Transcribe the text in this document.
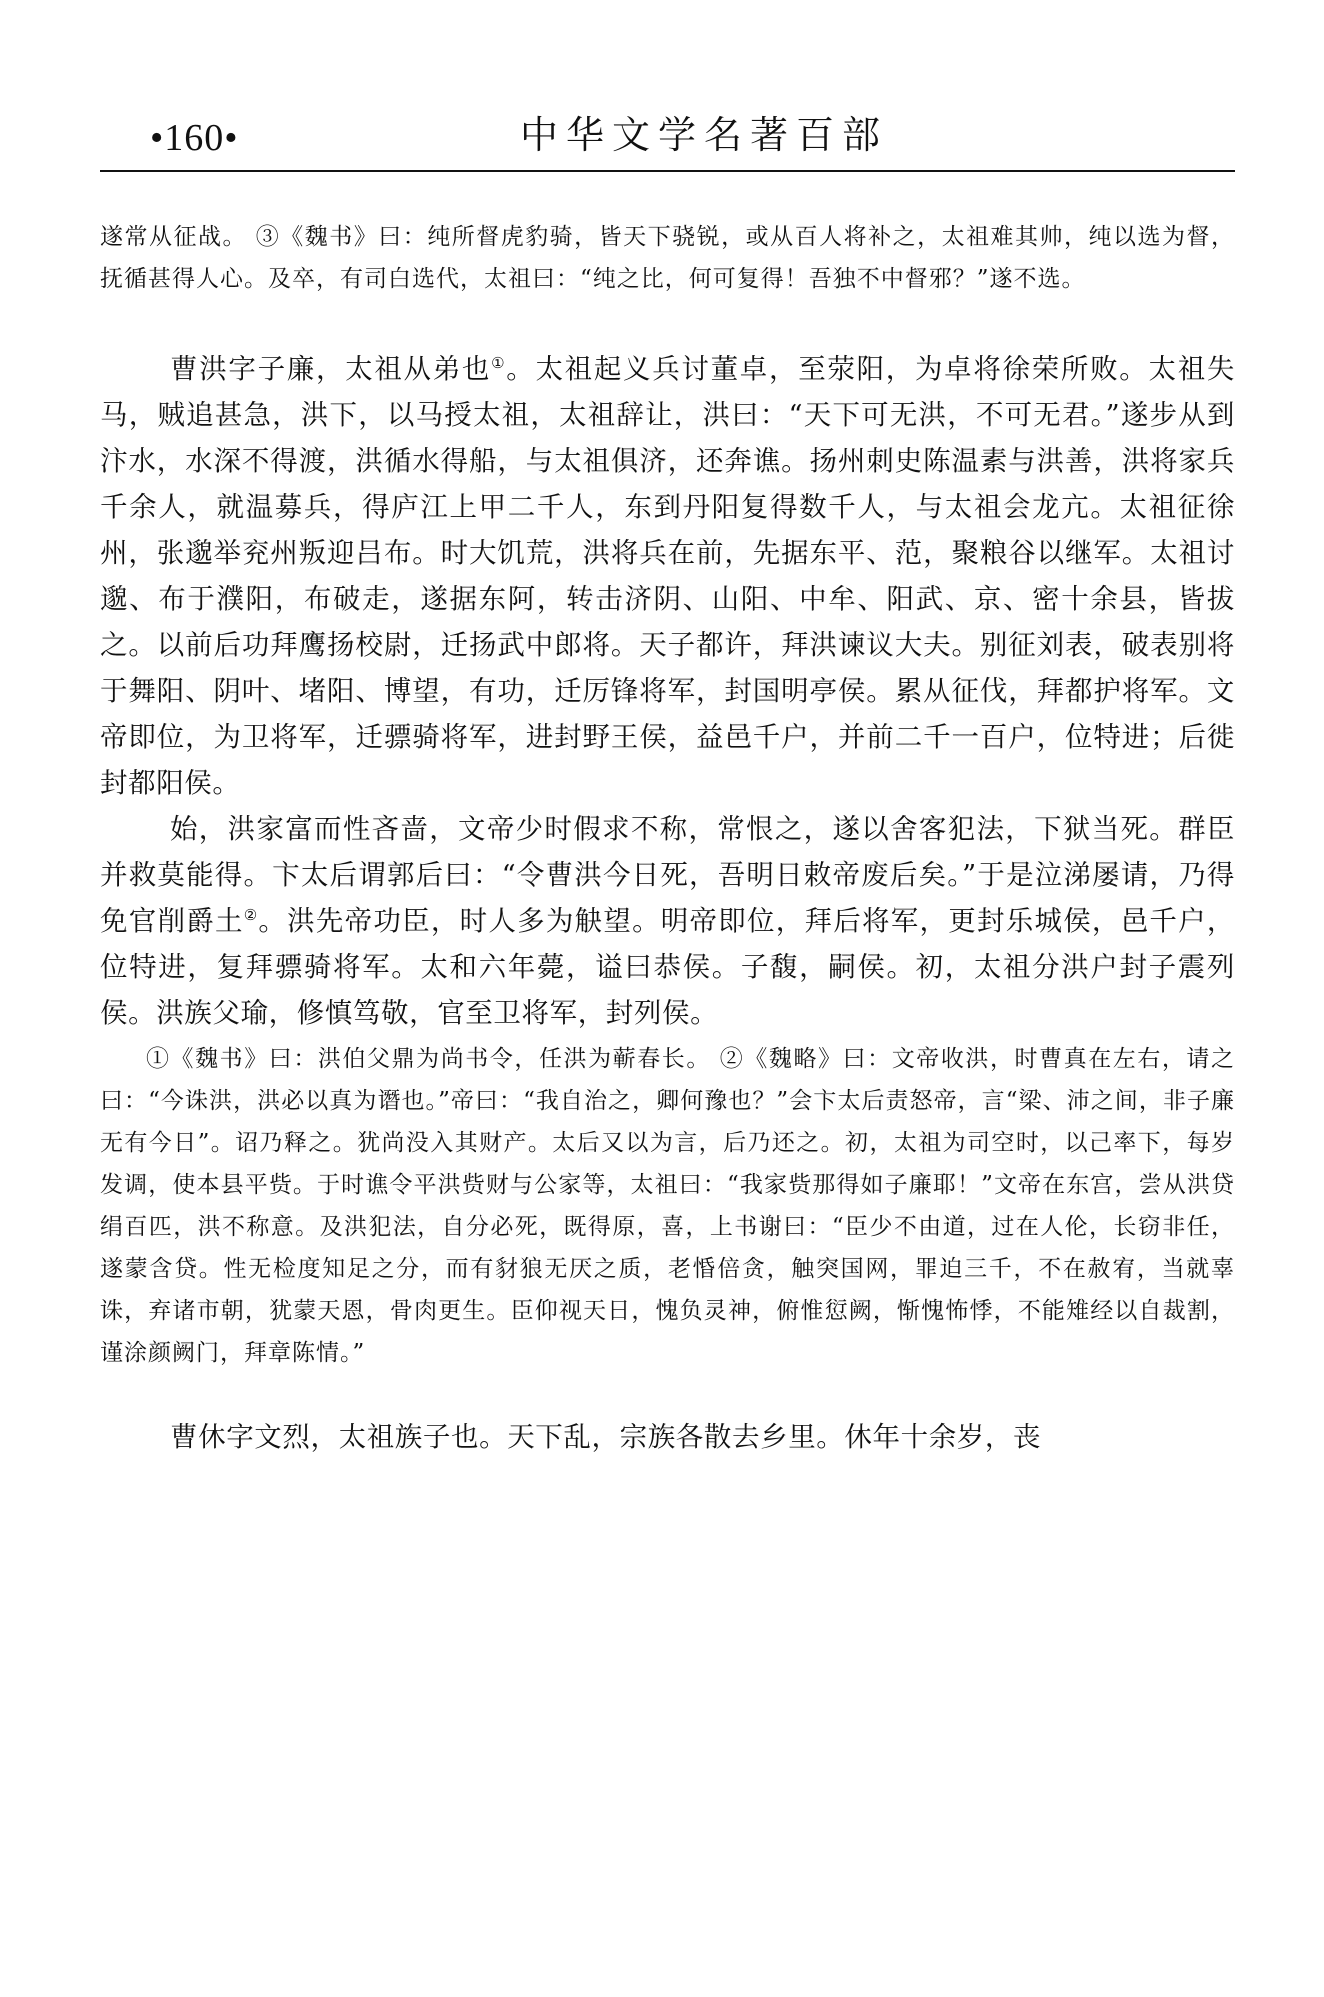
•160•	中华文学名著百部

遂常从征战。 ③《魏书》曰：纯所督虎豹骑，皆天下骁锐，或从百人将补之，太祖难其帅，纯以选为督，抚循甚得人心。及卒，有司白选代，太祖曰：“纯之比，何可复得！吾独不中督邪？”遂不选。

曹洪字子廉，太祖从弟也①。太祖起义兵讨董卓，至荥阳，为卓将徐荣所败。太祖失马，贼追甚急，洪下，以马授太祖，太祖辞让，洪曰：“天下可无洪，不可无君。”遂步从到汴水，水深不得渡，洪循水得船，与太祖俱济，还奔谯。扬州刺史陈温素与洪善，洪将家兵千余人，就温募兵，得庐江上甲二千人，东到丹阳复得数千人，与太祖会龙亢。太祖征徐州，张邈举兖州叛迎吕布。时大饥荒，洪将兵在前，先据东平、范，聚粮谷以继军。太祖讨邈、布于濮阳，布破走，遂据东阿，转击济阴、山阳、中牟、阳武、京、密十余县，皆拔之。以前后功拜鹰扬校尉，迁扬武中郎将。天子都许，拜洪谏议大夫。别征刘表，破表别将于舞阳、阴叶、堵阳、博望，有功，迁厉锋将军，封国明亭侯。累从征伐，拜都护将军。文帝即位，为卫将军，迁骠骑将军，进封野王侯，益邑千户，并前二千一百户，位特进；后徙封都阳侯。

始，洪家富而性吝啬，文帝少时假求不称，常恨之，遂以舍客犯法，下狱当死。群臣并救莫能得。卞太后谓郭后曰：“令曹洪今日死，吾明日敕帝废后矣。”于是泣涕屡请，乃得免官削爵土②。洪先帝功臣，时人多为觖望。明帝即位，拜后将军，更封乐城侯，邑千户，位特进，复拜骠骑将军。太和六年薨，谥曰恭侯。子馥，嗣侯。初，太祖分洪户封子震列侯。洪族父瑜，修慎笃敬，官至卫将军，封列侯。

①《魏书》曰：洪伯父鼎为尚书令，任洪为蕲春长。 ②《魏略》曰：文帝收洪，时曹真在左右，请之曰：“今诛洪，洪必以真为谮也。”帝曰：“我自治之，卿何豫也？”会卞太后责怒帝，言“梁、沛之间，非子廉无有今日”。诏乃释之。犹尚没入其财产。太后又以为言，后乃还之。初，太祖为司空时，以己率下，每岁发调，使本县平赀。于时谯令平洪赀财与公家等，太祖曰：“我家赀那得如子廉耶！”文帝在东宫，尝从洪贷绢百匹，洪不称意。及洪犯法，自分必死，既得原，喜，上书谢曰：“臣少不由道，过在人伦，长窃非任，遂蒙含贷。性无检度知足之分，而有豺狼无厌之质，老惛倍贪，触突国网，罪迫三千，不在赦宥，当就辜诛，弃诸市朝，犹蒙天恩，骨肉更生。臣仰视天日，愧负灵神，俯惟愆阙，惭愧怖悸，不能雉经以自裁割，谨涂颜阙门，拜章陈情。”

曹休字文烈，太祖族子也。天下乱，宗族各散去乡里。休年十余岁，丧
